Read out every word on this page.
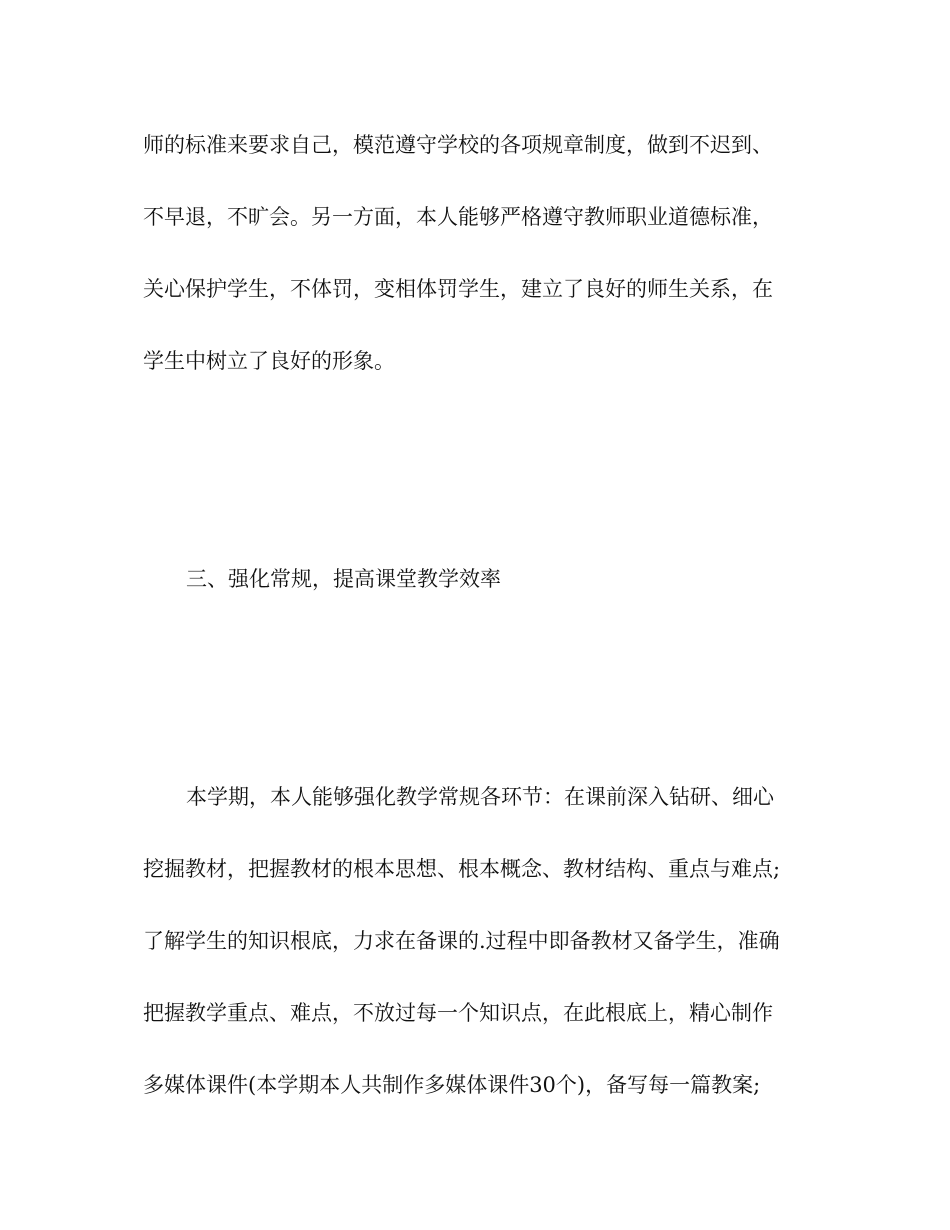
师的标准来要求自己，模范遵守学校的各项规章制度，做到不迟到、

不早退，不旷会。另一方面，本人能够严格遵守教师职业道德标准，

关心保护学生，不体罚，变相体罚学生，建立了良好的师生关系，在

学生中树立了良好的形象。

三、强化常规，提高课堂教学效率

本学期，本人能够强化教学常规各环节：在课前深入钻研、细心

挖掘教材，把握教材的根本思想、根本概念、教材结构、重点与难点;

了解学生的知识根底，力求在备课的.过程中即备教材又备学生，准确

把握教学重点、难点，不放过每一个知识点，在此根底上，精心制作

多媒体课件(本学期本人共制作多媒体课件30个)，备写每一篇教案;
